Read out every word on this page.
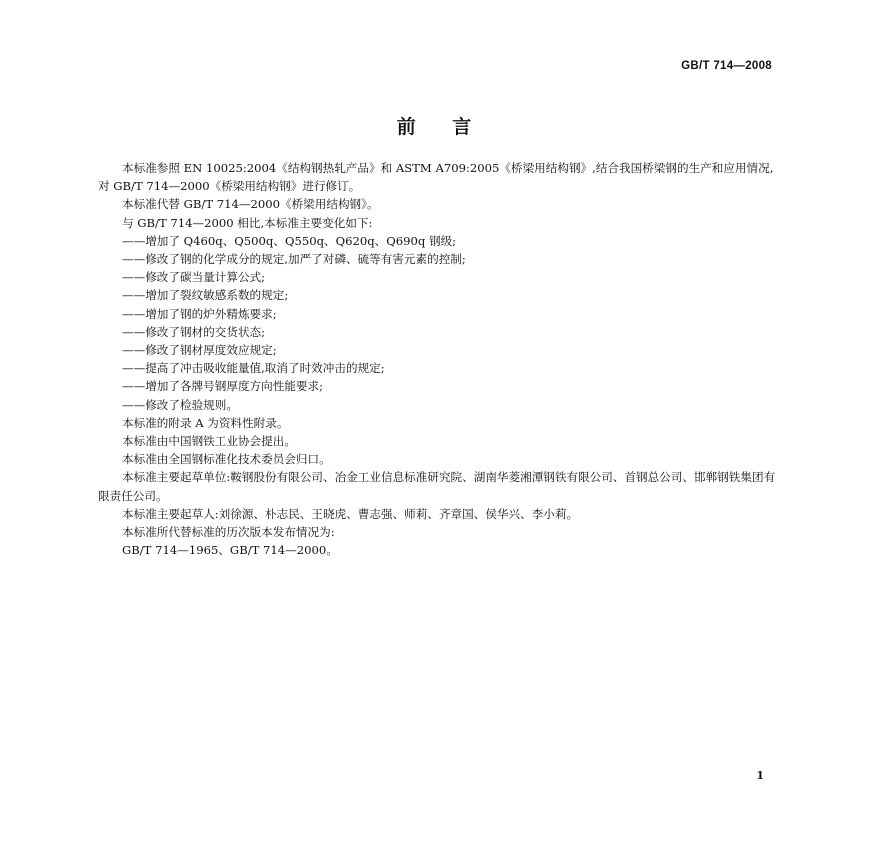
GB/T 714—2008
前    言

本标准参照 EN 10025:2004《结构钢热轧产品》和 ASTM A709:2005《桥梁用结构钢》,结合我国桥梁钢的生产和应用情况,对 GB/T 714—2000《桥梁用结构钢》进行修订。

本标准代替 GB/T 714—2000《桥梁用结构钢》。

与 GB/T 714—2000 相比,本标准主要变化如下:

——增加了 Q460q、Q500q、Q550q、Q620q、Q690q 钢级;

——修改了钢的化学成分的规定,加严了对磷、硫等有害元素的控制;

——修改了碳当量计算公式;

——增加了裂纹敏感系数的规定;

——增加了钢的炉外精炼要求;

——修改了钢材的交货状态;

——修改了钢材厚度效应规定;

——提高了冲击吸收能量值,取消了时效冲击的规定;

——增加了各牌号钢厚度方向性能要求;

——修改了检验规则。

本标准的附录 A 为资料性附录。

本标准由中国钢铁工业协会提出。

本标准由全国钢标准化技术委员会归口。

本标准主要起草单位:鞍钢股份有限公司、冶金工业信息标准研究院、湖南华菱湘潭钢铁有限公司、首钢总公司、邯郸钢铁集团有限责任公司。

本标准主要起草人:刘徐源、朴志民、王晓虎、曹志强、师莉、齐章国、侯华兴、李小莉。

本标准所代替标准的历次版本发布情况为:

GB/T 714—1965、GB/T 714—2000。

1
